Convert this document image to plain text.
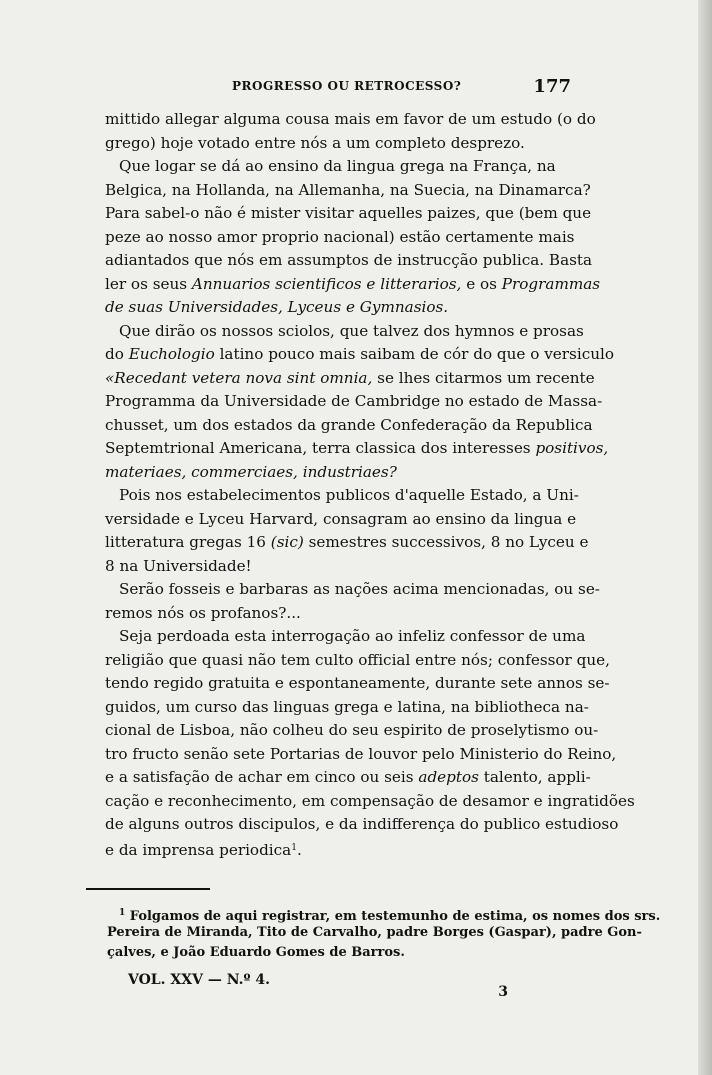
PROGRESSO OU RETROCESSO?	177
mittido allegar alguma cousa mais em favor de um estudo (o do
grego) hoje votado entre nós a um completo desprezo.
Que logar se dá ao ensino da lingua grega na França, na
Belgica, na Hollanda, na Allemanha, na Suecia, na Dinamarca?
Para sabel-o não é mister visitar aquelles paizes, que (bem que
peze ao nosso amor proprio nacional) estão certamente mais
adiantados que nós em assumptos de instrucção publica. Basta
ler os seus Annuarios scientificos e litterarios, e os Programmas
de suas Universidades, Lyceus e Gymnasios.
Que dirão os nossos sciolos, que talvez dos hymnos e prosas
do Euchologio latino pouco mais saibam de cór do que o versiculo
«Recedant vetera nova sint omnia, se lhes citarmos um recente
Programma da Universidade de Cambridge no estado de Massa-
chusset, um dos estados da grande Confederação da Republica
Septemtrional Americana, terra classica dos interesses positivos,
materiaes, commerciaes, industriaes?
Pois nos estabelecimentos publicos d'aquelle Estado, a Uni-
versidade e Lyceu Harvard, consagram ao ensino da lingua e
litteratura gregas 16 (sic) semestres successivos, 8 no Lyceu e
8 na Universidade!
Serão fosseis e barbaras as nações acima mencionadas, ou se-
remos nós os profanos?...
Seja perdoada esta interrogação ao infeliz confessor de uma
religião que quasi não tem culto official entre nós; confessor que,
tendo regido gratuita e espontaneamente, durante sete annos se-
guidos, um curso das linguas grega e latina, na bibliotheca na-
cional de Lisboa, não colheu do seu espirito de proselytismo ou-
tro fructo senão sete Portarias de louvor pelo Ministerio do Reino,
e a satisfação de achar em cinco ou seis adeptos talento, appli-
cação e reconhecimento, em compensação de desamor e ingratidões
de alguns outros discipulos, e da indifferença do publico estudioso
e da imprensa periodica$^1$.
$^1$ Folgamos de aqui registrar, em testemunho de estima, os nomes dos srs.
Pereira de Miranda, Tito de Carvalho, padre Borges (Gaspar), padre Gon-
çalves, e João Eduardo Gomes de Barros.
VOL. XXV — N.º 4.
3
